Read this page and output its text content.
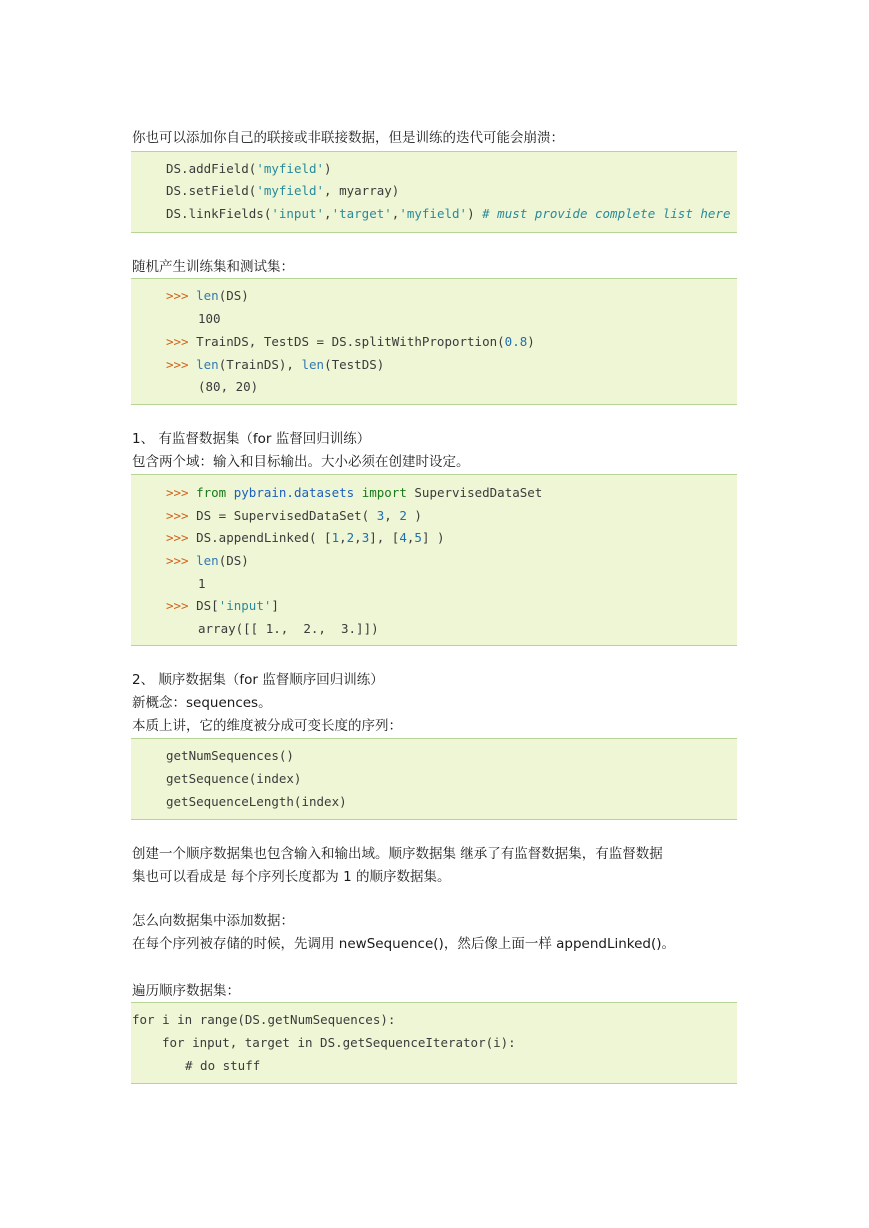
你也可以添加你自己的联接或非联接数据，但是训练的迭代可能会崩溃：
DS.addField('myfield')
DS.setField('myfield', myarray)
DS.linkFields('input','target','myfield') # must provide complete list here
随机产生训练集和测试集：
>>> len(DS)
100
>>> TrainDS, TestDS = DS.splitWithProportion(0.8)
>>> len(TrainDS), len(TestDS)
(80, 20)
1、 有监督数据集（for 监督回归训练）
包含两个域：输入和目标输出。大小必须在创建时设定。
>>> from pybrain.datasets import SupervisedDataSet
>>> DS = SupervisedDataSet( 3, 2 )
>>> DS.appendLinked( [1,2,3], [4,5] )
>>> len(DS)
1
>>> DS['input']
array([[ 1.,  2.,  3.]])
2、 顺序数据集（for 监督顺序回归训练）
新概念：sequences。
本质上讲，它的维度被分成可变长度的序列：
getNumSequences()
getSequence(index)
getSequenceLength(index)
创建一个顺序数据集也包含输入和输出域。顺序数据集 继承了有监督数据集，有监督数据
集也可以看成是 每个序列长度都为 1 的顺序数据集。
怎么向数据集中添加数据：
在每个序列被存储的时候，先调用 newSequence()，然后像上面一样 appendLinked()。
遍历顺序数据集：
for i in range(DS.getNumSequences):
for input, target in DS.getSequenceIterator(i):
# do stuff
